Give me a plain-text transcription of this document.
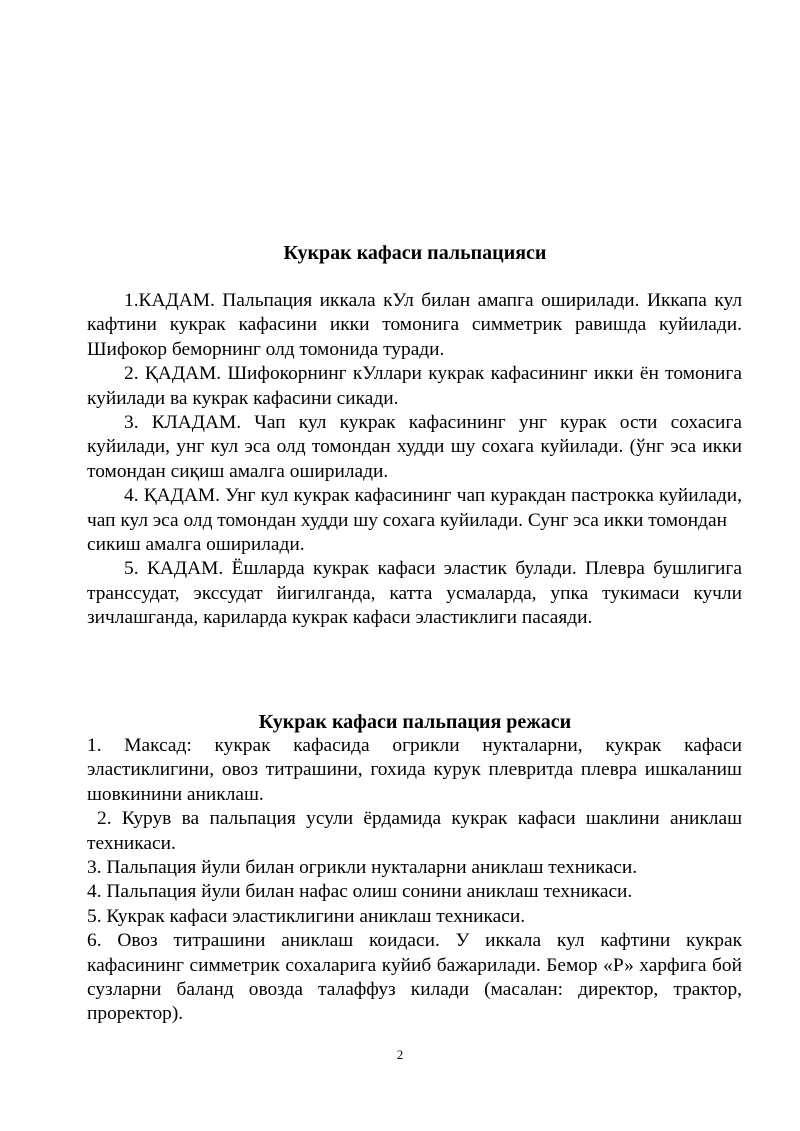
Кукрак кафаси пальпацияси

1.КАДАМ. Пальпация иккала кУл билан амапга оширилади. Иккапа кул кафтини кукрак кафасини икки томонига симметрик равишда куйилади. Шифокор беморнинг олд томонида туради.

2. ҚАДАМ. Шифокорнинг кУллари кукрак кафасининг икки ён томонига куйилади ва кукрак кафасини сикади.

3. КЛАДАМ. Чап кул кукрак кафасининг унг курак ости сохасига куйилади, унг кул эса олд томондан худди шу сохага куйилади. (ўнг эса икки томондан сиқиш амалга оширилади.

4. ҚАДАМ. Унг кул кукрак кафасининг чап куракдан пастрокка куйилади, чап кул эса олд томондан худди шу сохага куйилади. Сунг эса икки томондан

сикиш амалга оширилади.

5. КАДАМ. Ёшларда кукрак кафаси эластик булади. Плевра бушлигига транссудат, экссудат йигилганда, катта усмаларда, упка тукимаси кучли зичлашганда, кариларда кукрак кафаси эластиклиги пасаяди.

Кукрак кафаси пальпация режаси

1. Максад: кукрак кафасида огрикли нукталарни, кукрак кафаси эластиклигини, овоз титрашини, гохида курук плевритда плевра ишкаланиш шовкинини аниклаш.

2. Курув ва пальпация усули ёрдамида кукрак кафаси шаклини аниклаш техникаси.

3. Пальпация йули билан огрикли нукталарни аниклаш техникаси.

4. Пальпация йули билан нафас олиш сонини аниклаш техникаси.

5. Кукрак кафаси эластиклигини аниклаш техникаси.

6. Овоз титрашини аниклаш коидаси. У иккала кул кафтини кукрак кафасининг симметрик сохаларига куйиб бажарилади. Бемор «Р» харфига бой сузларни баланд овозда талаффуз килади (масалан: директор, трактор, проректор).

2
